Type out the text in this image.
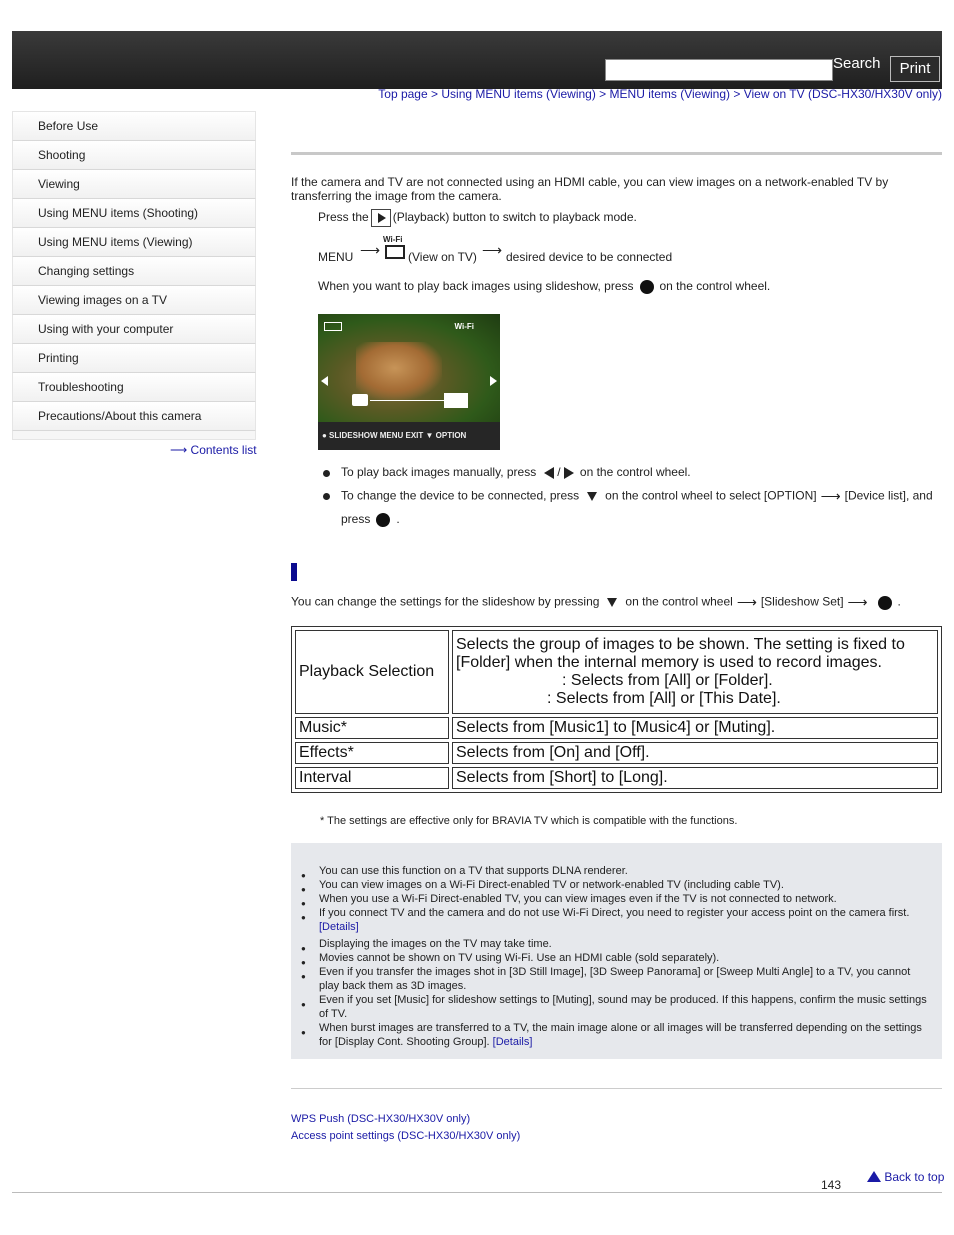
Search	Print
Top page > Using MENU items (Viewing) > MENU items (Viewing) > View on TV (DSC-HX30/HX30V only)
Before Use
Shooting
Viewing
Using MENU items (Shooting)
Using MENU items (Viewing)
Changing settings
Viewing images on a TV
Using with your computer
Printing
Troubleshooting
Precautions/About this camera
⟶ Contents list

If the camera and TV are not connected using an HDMI cable, you can view images on a network-enabled TV by transferring the image from the camera.

Press the (Playback) button to switch to playback mode.
MENU
⟶
Wi-Fi
(View on TV) ⟶ desired device to be connected
When you want to play back images using slideshow, press on the control wheel.
Wi-Fi
● SLIDESHOW MENU EXIT ▼ OPTION
To play back images manually, press / on the control wheel.
To change the device to be connected, press on the control wheel to select [OPTION] ⟶ [Device list], and
press .
You can change the settings for the slideshow by pressing on the control wheel ⟶ [Slideshow Set] ⟶	.
Playback Selection	Selects the group of images to be shown. The setting is fixed to [Folder] when the internal memory is used to record images.
: Selects from [All] or [Folder].
: Selects from [All] or [This Date].

Music*	Selects from [Music1] to [Music4] or [Muting].
Effects*	Selects from [On] and [Off].
Interval	Selects from [Short] to [Long].
* The settings are effective only for BRAVIA TV which is compatible with the functions.
●
You can use this function on a TV that supports DLNA renderer.
●
You can view images on a Wi-Fi Direct-enabled TV or network-enabled TV (including cable TV).
●
When you use a Wi-Fi Direct-enabled TV, you can view images even if the TV is not connected to network.
●
If you connect TV and the camera and do not use Wi-Fi Direct, you need to register your access point on the camera first. [Details]
●
Displaying the images on the TV may take time.
●
Movies cannot be shown on TV using Wi-Fi. Use an HDMI cable (sold separately).
●
Even if you transfer the images shot in [3D Still Image], [3D Sweep Panorama] or [Sweep Multi Angle] to a TV, you cannot play back them as 3D images.
●
Even if you set [Music] for slideshow settings to [Muting], sound may be produced. If this happens, confirm the music settings of TV.
●
When burst images are transferred to a TV, the main image alone or all images will be transferred depending on the settings for [Display Cont. Shooting Group]. [Details]
WPS Push (DSC-HX30/HX30V only)
Access point settings (DSC-HX30/HX30V only)
143
Back to top
